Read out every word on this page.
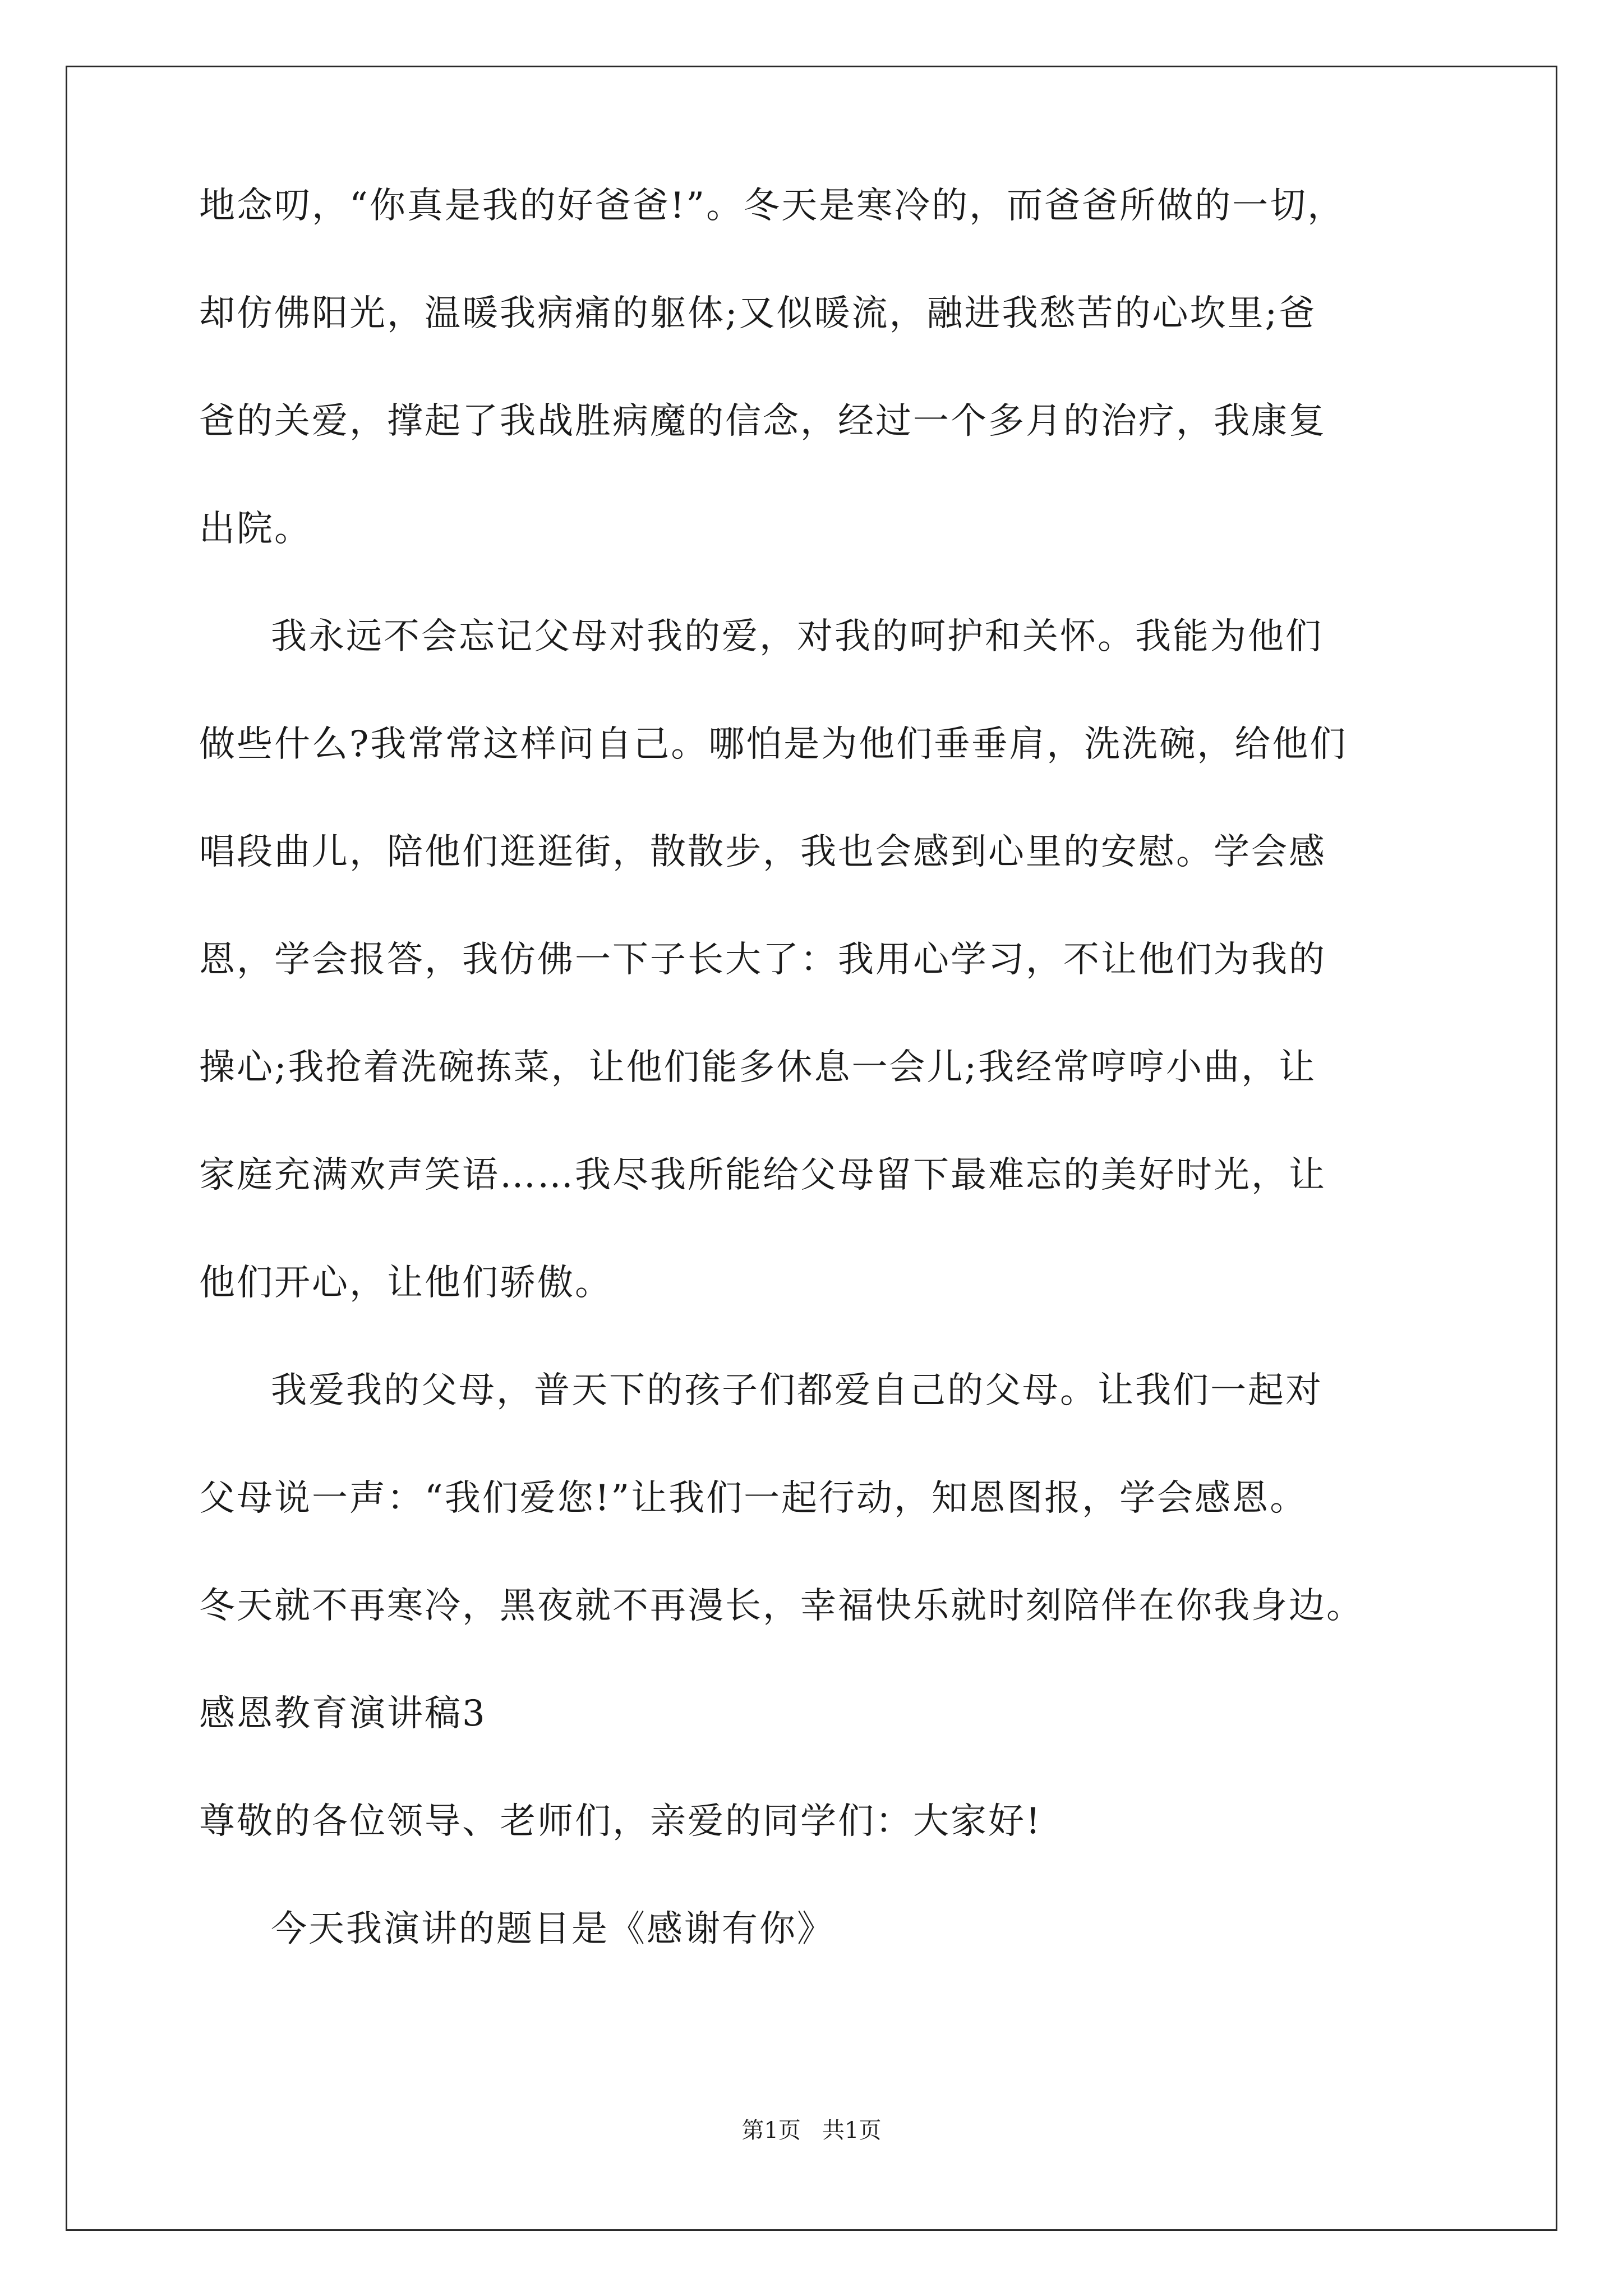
地念叨，“你真是我的好爸爸!”。冬天是寒冷的，而爸爸所做的一切，
却仿佛阳光，温暖我病痛的躯体;又似暖流，融进我愁苦的心坎里;爸
爸的关爱，撑起了我战胜病魔的信念，经过一个多月的治疗，我康复
出院。
我永远不会忘记父母对我的爱，对我的呵护和关怀。我能为他们
做些什么?我常常这样问自己。哪怕是为他们垂垂肩，洗洗碗，给他们
唱段曲儿，陪他们逛逛街，散散步，我也会感到心里的安慰。学会感
恩，学会报答，我仿佛一下子长大了：我用心学习，不让他们为我的
操心;我抢着洗碗拣菜，让他们能多休息一会儿;我经常哼哼小曲，让
家庭充满欢声笑语……我尽我所能给父母留下最难忘的美好时光，让
他们开心，让他们骄傲。
我爱我的父母，普天下的孩子们都爱自己的父母。让我们一起对
父母说一声：“我们爱您!”让我们一起行动，知恩图报，学会感恩。
冬天就不再寒冷，黑夜就不再漫长，幸福快乐就时刻陪伴在你我身边。
感恩教育演讲稿3
尊敬的各位领导、老师们，亲爱的同学们：大家好!
今天我演讲的题目是《感谢有你》
第1页   共1页
